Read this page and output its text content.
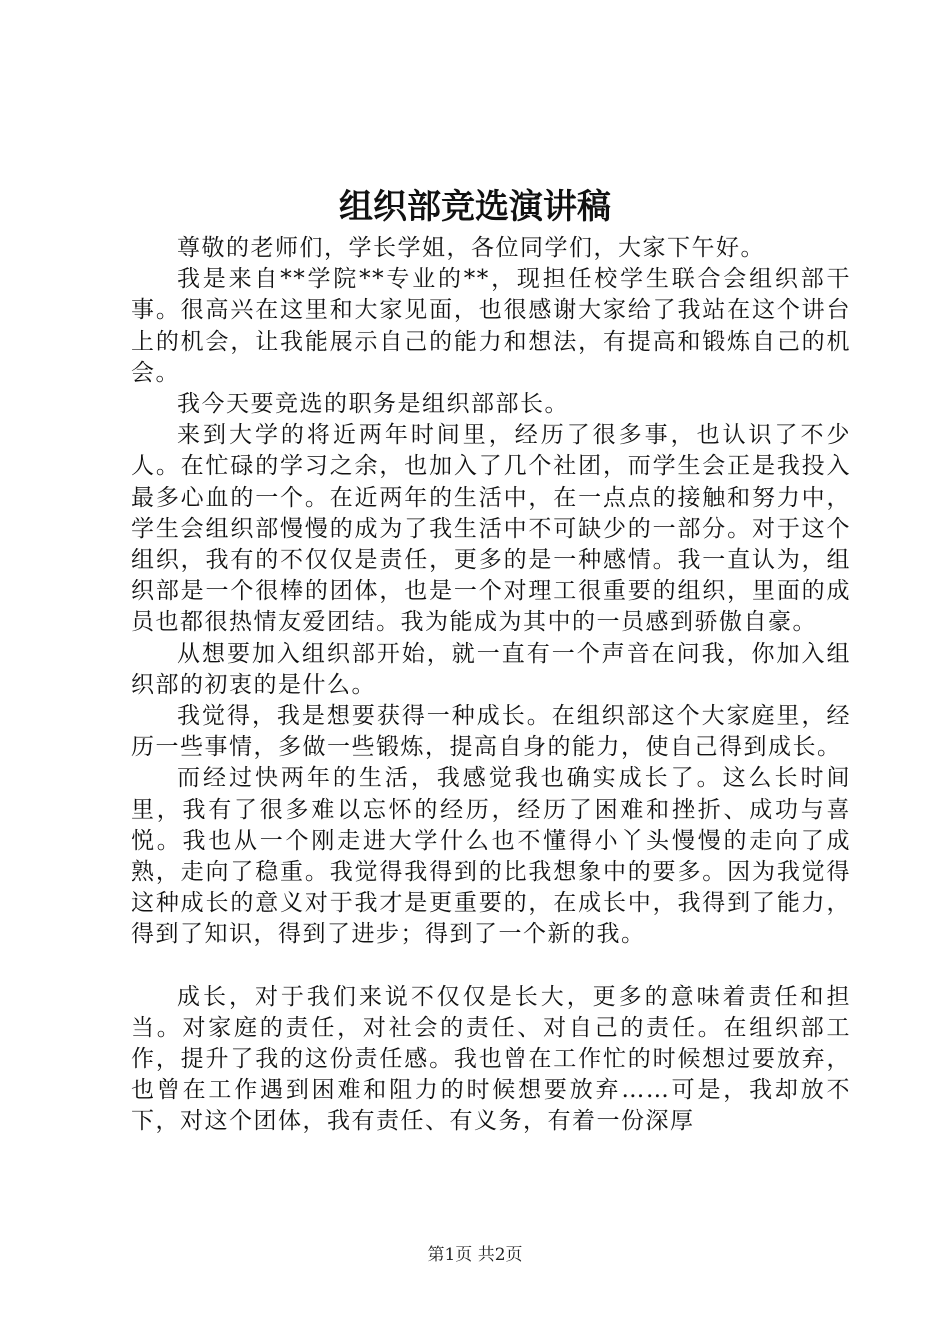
组织部竞选演讲稿

尊敬的老师们，学长学姐，各位同学们，大家下午好。

我是来自**学院**专业的**，现担任校学生联合会组织部干事。很高兴在这里和大家见面，也很感谢大家给了我站在这个讲台上的机会，让我能展示自己的能力和想法，有提高和锻炼自己的机会。

我今天要竞选的职务是组织部部长。

来到大学的将近两年时间里，经历了很多事，也认识了不少人。在忙碌的学习之余，也加入了几个社团，而学生会正是我投入最多心血的一个。在近两年的生活中，在一点点的接触和努力中，学生会组织部慢慢的成为了我生活中不可缺少的一部分。对于这个组织，我有的不仅仅是责任，更多的是一种感情。我一直认为，组织部是一个很棒的团体，也是一个对理工很重要的组织，里面的成员也都很热情友爱团结。我为能成为其中的一员感到骄傲自豪。

从想要加入组织部开始，就一直有一个声音在问我，你加入组织部的初衷的是什么。

我觉得，我是想要获得一种成长。在组织部这个大家庭里，经历一些事情，多做一些锻炼，提高自身的能力，使自己得到成长。

而经过快两年的生活，我感觉我也确实成长了。这么长时间里，我有了很多难以忘怀的经历，经历了困难和挫折、成功与喜悦。我也从一个刚走进大学什么也不懂得小丫头慢慢的走向了成熟，走向了稳重。我觉得我得到的比我想象中的要多。因为我觉得这种成长的意义对于我才是更重要的，在成长中，我得到了能力，得到了知识，得到了进步；得到了一个新的我。

成长，对于我们来说不仅仅是长大，更多的意味着责任和担当。对家庭的责任，对社会的责任、对自己的责任。在组织部工作，提升了我的这份责任感。我也曾在工作忙的时候想过要放弃，也曾在工作遇到困难和阻力的时候想要放弃……可是，我却放不下，对这个团体，我有责任、有义务，有着一份深厚

第1页 共2页
